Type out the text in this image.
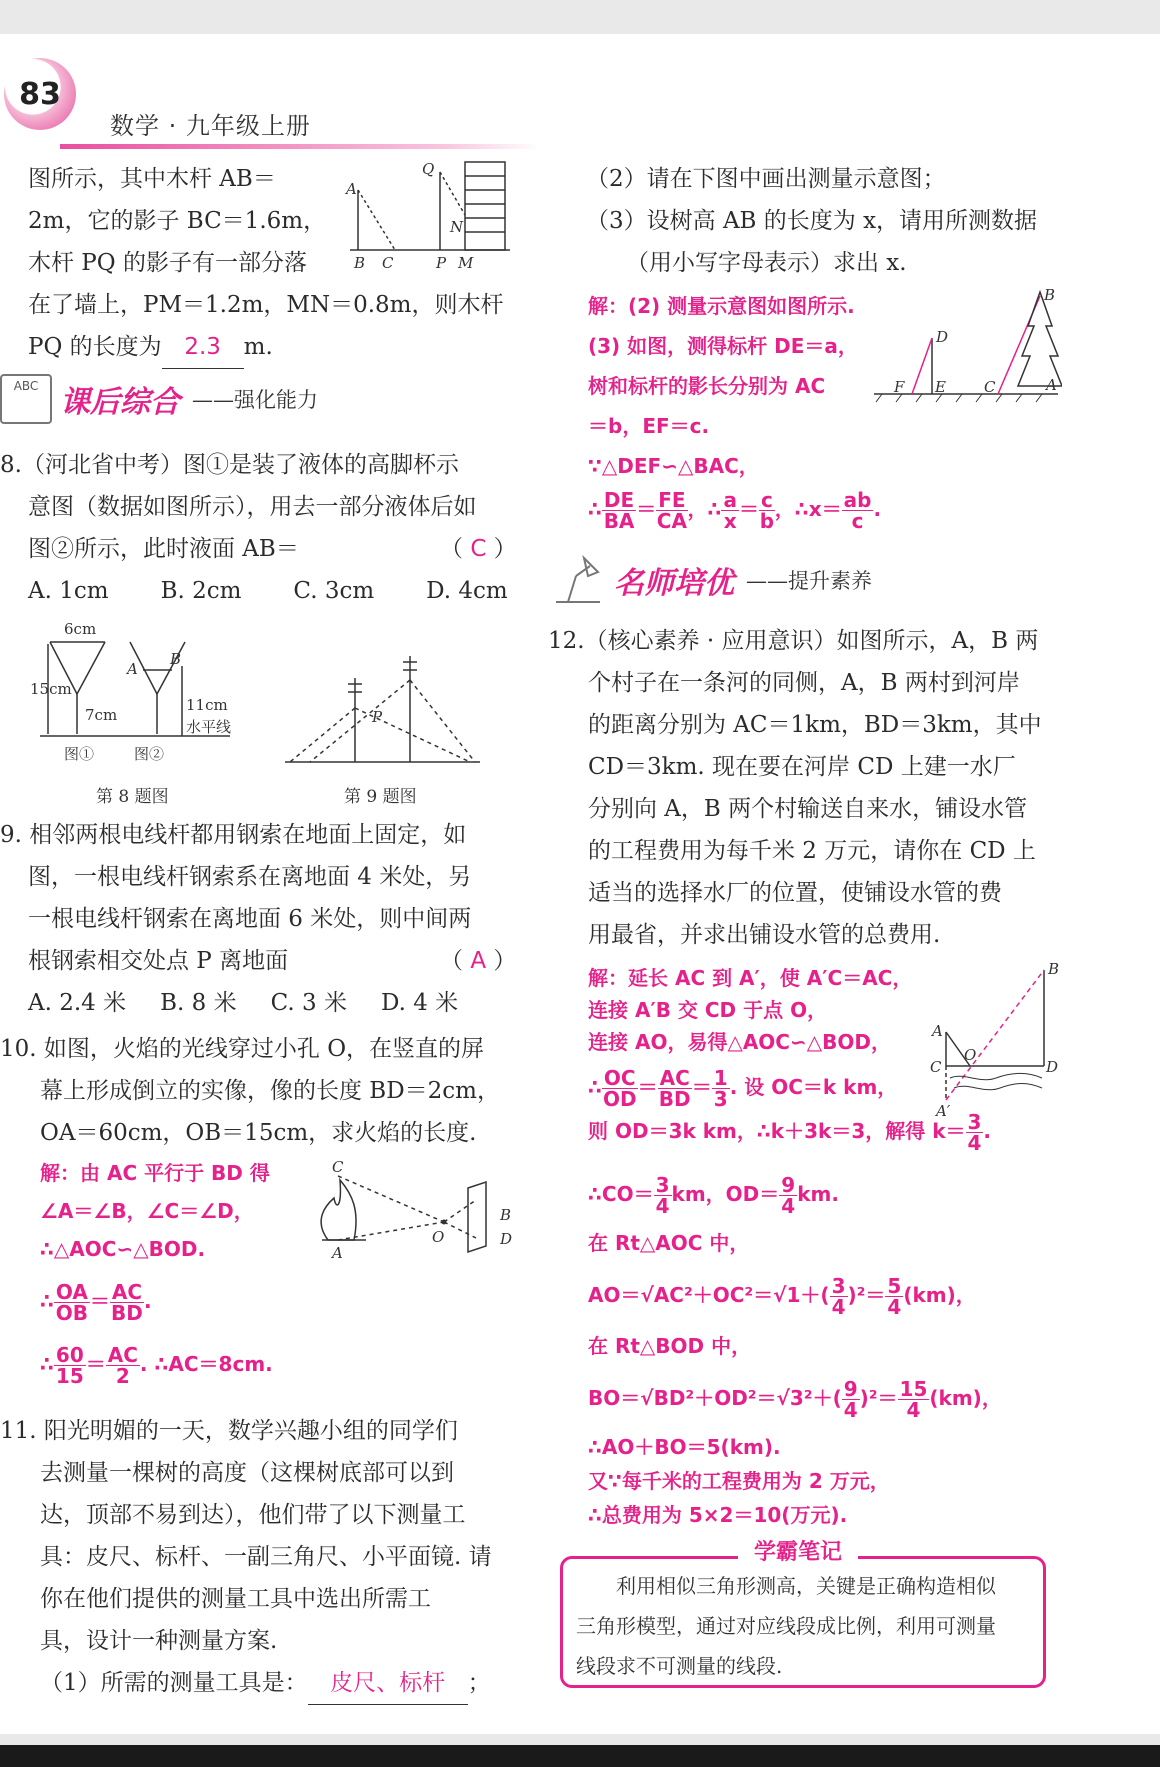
83
数学 · 九年级上册

图所示，其中木杆 AB＝

2m，它的影子 BC＝1.6m，

木杆 PQ 的影子有一部分落

在了墙上，PM＝1.2m，MN＝0.8m，则木杆

PQ 的长度为 2.3 m.

A
Q
N
B C	P M
ABC 课后综合 ——强化能力

8.（河北省中考）图①是装了液体的高脚杯示

意图（数据如图所示），用去一部分液体后如

图②所示，此时液面 AB＝	（ C ）

A. 1cm B. 2cm C. 3cm D. 4cm

6cm
15cm
7cm
11cm
水平线
A
B
图①	图②
第 8 题图
P
第 9 题图

9. 相邻两根电线杆都用钢索在地面上固定，如

图，一根电线杆钢索系在离地面 4 米处，另

一根电线杆钢索在离地面 6 米处，则中间两

根钢索相交处点 P 离地面	（ A ）

A. 2.4 米 B. 8 米 C. 3 米 D. 4 米

10. 如图，火焰的光线穿过小孔 O，在竖直的屏

幕上形成倒立的实像，像的长度 BD＝2cm，

OA＝60cm，OB＝15cm，求火焰的长度.

解：由 AC 平行于 BD 得

∠A＝∠B，∠C＝∠D，

∴△AOC∽△BOD.

∴ $\frac{OA}{OB} = \frac{AC}{BD}$ .

∴ $\frac{60}{15} = \frac{AC}{2}$ . ∴AC＝8cm.

C
A
O
B
D

11. 阳光明媚的一天，数学兴趣小组的同学们

去测量一棵树的高度（这棵树底部可以到

达，顶部不易到达），他们带了以下测量工

具：皮尺、标杆、一副三角尺、小平面镜. 请

你在他们提供的测量工具中选出所需工

具，设计一种测量方案.

（1）所需的测量工具是： 皮尺、标杆 ；

（2）请在下图中画出测量示意图；

（3）设树高 AB 的长度为 x，请用所测数据

（用小写字母表示）求出 x.

解：(2) 测量示意图如图所示.

(3) 如图，测得标杆 DE＝a，

树和标杆的影长分别为 AC

＝b，EF＝c.

∵△DEF∽△BAC，

∴ $\frac{DE}{BA} = \frac{FE}{CA}$ ，∴ $\frac{a}{x} = \frac{c}{b}$ ，∴x＝ $\frac{ab}{c}$ .

B
D
F E	C	A
名师培优 ——提升素养

12.（核心素养 · 应用意识）如图所示，A，B 两

个村子在一条河的同侧，A，B 两村到河岸

的距离分别为 AC＝1km，BD＝3km，其中

CD＝3km. 现在要在河岸 CD 上建一水厂

分别向 A，B 两个村输送自来水，铺设水管

的工程费用为每千米 2 万元，请你在 CD 上

适当的选择水厂的位置，使铺设水管的费

用最省，并求出铺设水管的总费用.

解：延长 AC 到 A′，使 A′C＝AC，

连接 A′B 交 CD 于点 O，

连接 AO，易得△AOC∽△BOD，

∴ $\frac{OC}{OD} = \frac{AC}{BD} = \frac{1}{3}$ . 设 OC＝k km，

则 OD＝3k km，∴k＋3k＝3，解得 $k= \frac{3}{4}$ .

∴CO＝ $\frac{3}{4}$ km，$OD= \frac{9}{4}$ km.

在 Rt△AOC 中，

$AO=√AC^2+OC^2=√1+( \frac{3}{4} )^2= \frac{5}{4} (km)$，

在 Rt△BOD 中，

$BO=√BD^2+OD^2=√3^2+( \frac{9}{4} )^2= \frac{15}{4} (km)$，

∴AO＋BO＝5(km).

又∵每千米的工程费用为 2 万元，

∴总费用为 5×2＝10(万元).

B
A
C
O
D
A′
学霸笔记
　　利用相似三角形测高，关键是正确构造相似
三角形模型，通过对应线段成比例，利用可测量
线段求不可测量的线段.
